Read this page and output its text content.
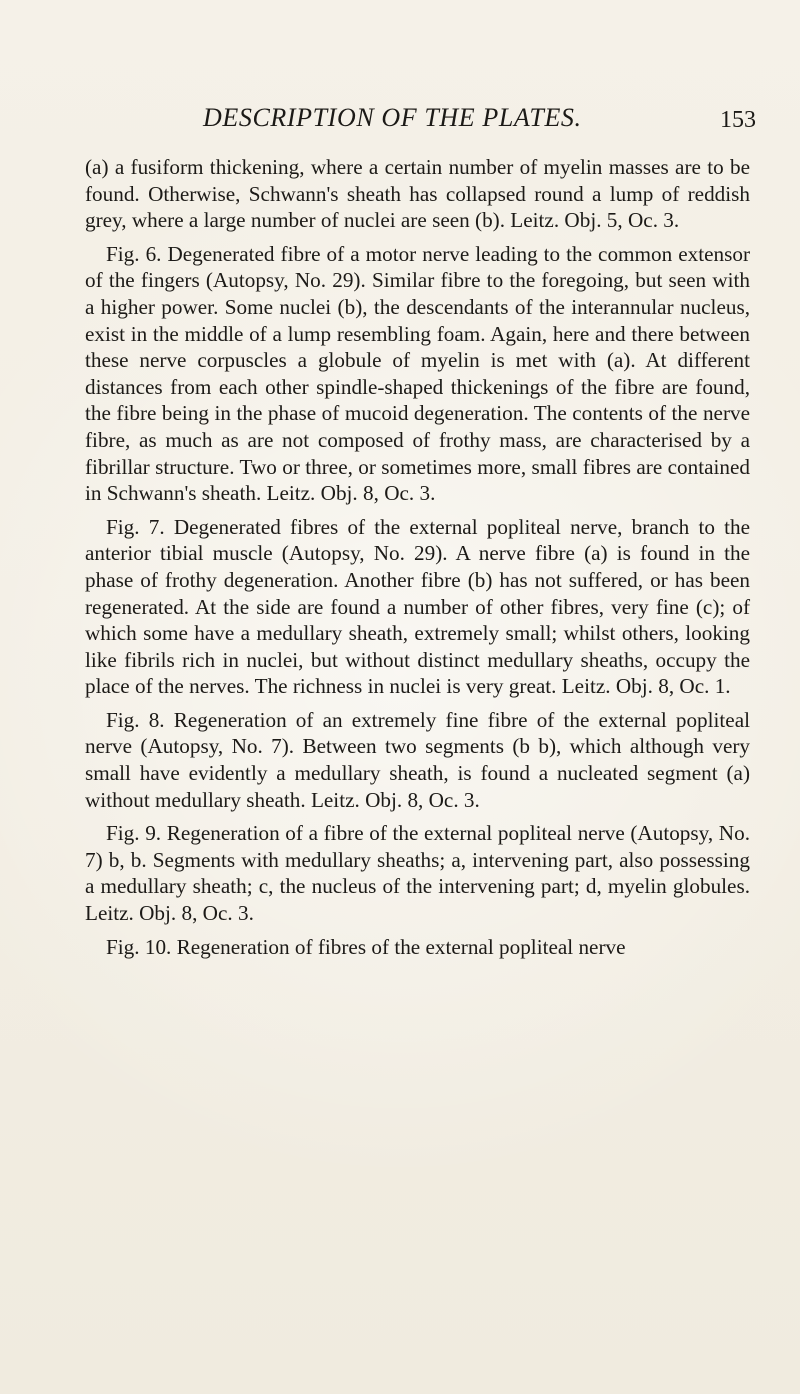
DESCRIPTION OF THE PLATES.	153

(a) a fusiform thickening, where a certain number of myelin masses are to be found. Otherwise, Schwann's sheath has collapsed round a lump of reddish grey, where a large number of nuclei are seen (b). Leitz. Obj. 5, Oc. 3.

Fig. 6. Degenerated fibre of a motor nerve leading to the common extensor of the fingers (Autopsy, No. 29). Similar fibre to the foregoing, but seen with a higher power. Some nuclei (b), the descendants of the interannular nucleus, exist in the middle of a lump resembling foam. Again, here and there between these nerve corpuscles a globule of myelin is met with (a). At different distances from each other spindle-shaped thickenings of the fibre are found, the fibre being in the phase of mucoid degeneration. The contents of the nerve fibre, as much as are not composed of frothy mass, are characterised by a fibrillar structure. Two or three, or sometimes more, small fibres are contained in Schwann's sheath. Leitz. Obj. 8, Oc. 3.

Fig. 7. Degenerated fibres of the external popliteal nerve, branch to the anterior tibial muscle (Autopsy, No. 29). A nerve fibre (a) is found in the phase of frothy degeneration. Another fibre (b) has not suffered, or has been regenerated. At the side are found a number of other fibres, very fine (c); of which some have a medullary sheath, extremely small; whilst others, looking like fibrils rich in nuclei, but without distinct medullary sheaths, occupy the place of the nerves. The richness in nuclei is very great. Leitz. Obj. 8, Oc. 1.

Fig. 8. Regeneration of an extremely fine fibre of the external popliteal nerve (Autopsy, No. 7). Between two segments (b b), which although very small have evidently a medullary sheath, is found a nucleated segment (a) without medullary sheath. Leitz. Obj. 8, Oc. 3.

Fig. 9. Regeneration of a fibre of the external popliteal nerve (Autopsy, No. 7) b, b. Segments with medullary sheaths; a, intervening part, also possessing a medullary sheath; c, the nucleus of the intervening part; d, myelin globules. Leitz. Obj. 8, Oc. 3.

Fig. 10. Regeneration of fibres of the external popliteal nerve
